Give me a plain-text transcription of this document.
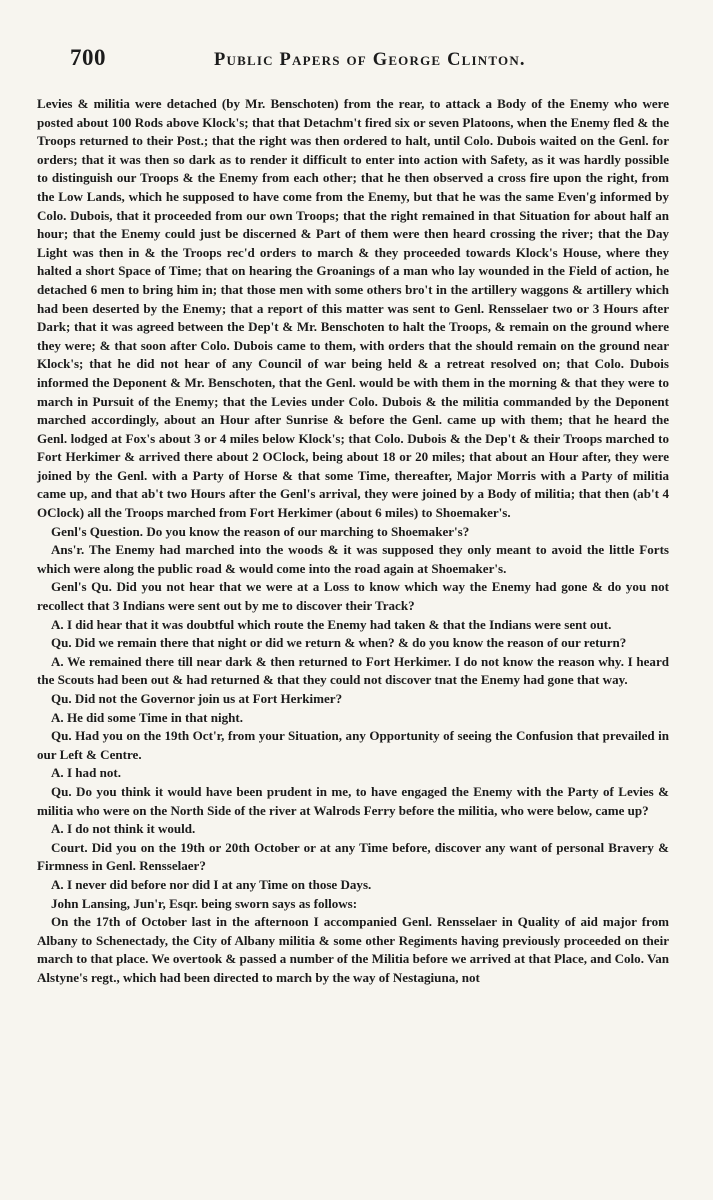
700	Public Papers of George Clinton.

Levies & militia were detached (by Mr. Benschoten) from the rear, to attack a Body of the Enemy who were posted about 100 Rods above Klock's; that that Detachm't fired six or seven Platoons, when the Enemy fled & the Troops returned to their Post.; that the right was then ordered to halt, until Colo. Dubois waited on the Genl. for orders; that it was then so dark as to render it difficult to enter into action with Safety, as it was hardly possible to distinguish our Troops & the Enemy from each other; that he then observed a cross fire upon the right, from the Low Lands, which he supposed to have come from the Enemy, but that he was the same Even'g informed by Colo. Dubois, that it proceeded from our own Troops; that the right remained in that Situation for about half an hour; that the Enemy could just be discerned & Part of them were then heard crossing the river; that the Day Light was then in & the Troops rec'd orders to march & they proceeded towards Klock's House, where they halted a short Space of Time; that on hearing the Groanings of a man who lay wounded in the Field of action, he detached 6 men to bring him in; that those men with some others bro't in the artillery waggons & artillery which had been deserted by the Enemy; that a report of this matter was sent to Genl. Rensselaer two or 3 Hours after Dark; that it was agreed between the Dep't & Mr. Benschoten to halt the Troops, & remain on the ground where they were; & that soon after Colo. Dubois came to them, with orders that the should remain on the ground near Klock's; that he did not hear of any Council of war being held & a retreat resolved on; that Colo. Dubois informed the Deponent & Mr. Benschoten, that the Genl. would be with them in the morning & that they were to march in Pursuit of the Enemy; that the Levies under Colo. Dubois & the militia commanded by the Deponent marched accordingly, about an Hour after Sunrise & before the Genl. came up with them; that he heard the Genl. lodged at Fox's about 3 or 4 miles below Klock's; that Colo. Dubois & the Dep't & their Troops marched to Fort Herkimer & arrived there about 2 OClock, being about 18 or 20 miles; that about an Hour after, they were joined by the Genl. with a Party of Horse & that some Time, thereafter, Major Morris with a Party of militia came up, and that ab't two Hours after the Genl's arrival, they were joined by a Body of militia; that then (ab't 4 OClock) all the Troops marched from Fort Herkimer (about 6 miles) to Shoemaker's.

Genl's Question. Do you know the reason of our marching to Shoemaker's?

Ans'r. The Enemy had marched into the woods & it was supposed they only meant to avoid the little Forts which were along the public road & would come into the road again at Shoemaker's.

Genl's Qu. Did you not hear that we were at a Loss to know which way the Enemy had gone & do you not recollect that 3 Indians were sent out by me to discover their Track?

A. I did hear that it was doubtful which route the Enemy had taken & that the Indians were sent out.

Qu. Did we remain there that night or did we return & when? & do you know the reason of our return?

A. We remained there till near dark & then returned to Fort Herkimer. I do not know the reason why. I heard the Scouts had been out & had returned & that they could not discover tnat the Enemy had gone that way.

Qu. Did not the Governor join us at Fort Herkimer?

A. He did some Time in that night.

Qu. Had you on the 19th Oct'r, from your Situation, any Opportunity of seeing the Confusion that prevailed in our Left & Centre.

A. I had not.

Qu. Do you think it would have been prudent in me, to have engaged the Enemy with the Party of Levies & militia who were on the North Side of the river at Walrods Ferry before the militia, who were below, came up?

A. I do not think it would.

Court. Did you on the 19th or 20th October or at any Time before, discover any want of personal Bravery & Firmness in Genl. Rensselaer?

A. I never did before nor did I at any Time on those Days.

John Lansing, Jun'r, Esqr. being sworn says as follows:

On the 17th of October last in the afternoon I accompanied Genl. Rensselaer in Quality of aid major from Albany to Schenectady, the City of Albany militia & some other Regiments having previously proceeded on their march to that place. We overtook & passed a number of the Militia before we arrived at that Place, and Colo. Van Alstyne's regt., which had been directed to march by the way of Nestagiuna, not
